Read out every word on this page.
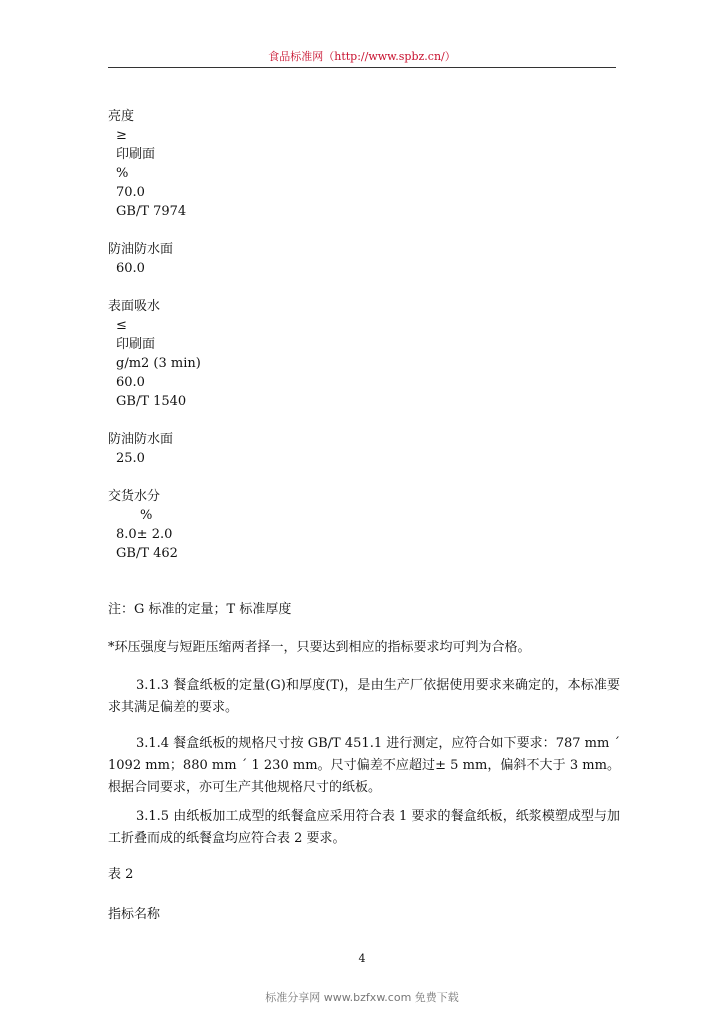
食品标准网（http://www.spbz.cn/）
亮度
≥
印刷面
%
70.0
GB/T 7974
防油防水面
60.0
表面吸水
≤
印刷面
g/m2 (3 min)
60.0
GB/T 1540
防油防水面
25.0
交货水分
%
8.0± 2.0
GB/T 462
注：G 标准的定量；T 标准厚度
*环压强度与短距压缩两者择一，只要达到相应的指标要求均可判为合格。
3.1.3 餐盒纸板的定量(G)和厚度(T)，是由生产厂依据使用要求来确定的，本标准要求其满足偏差的要求。
3.1.4 餐盒纸板的规格尺寸按 GB/T 451.1 进行测定，应符合如下要求：787 mm ´ 1092 mm；880 mm ´ 1 230 mm。尺寸偏差不应超过± 5 mm，偏斜不大于 3 mm。根据合同要求，亦可生产其他规格尺寸的纸板。
3.1.5 由纸板加工成型的纸餐盒应采用符合表 1 要求的餐盒纸板，纸浆模塑成型与加工折叠而成的纸餐盒均应符合表 2 要求。
表 2
指标名称
4
标准分享网 www.bzfxw.com 免费下载
